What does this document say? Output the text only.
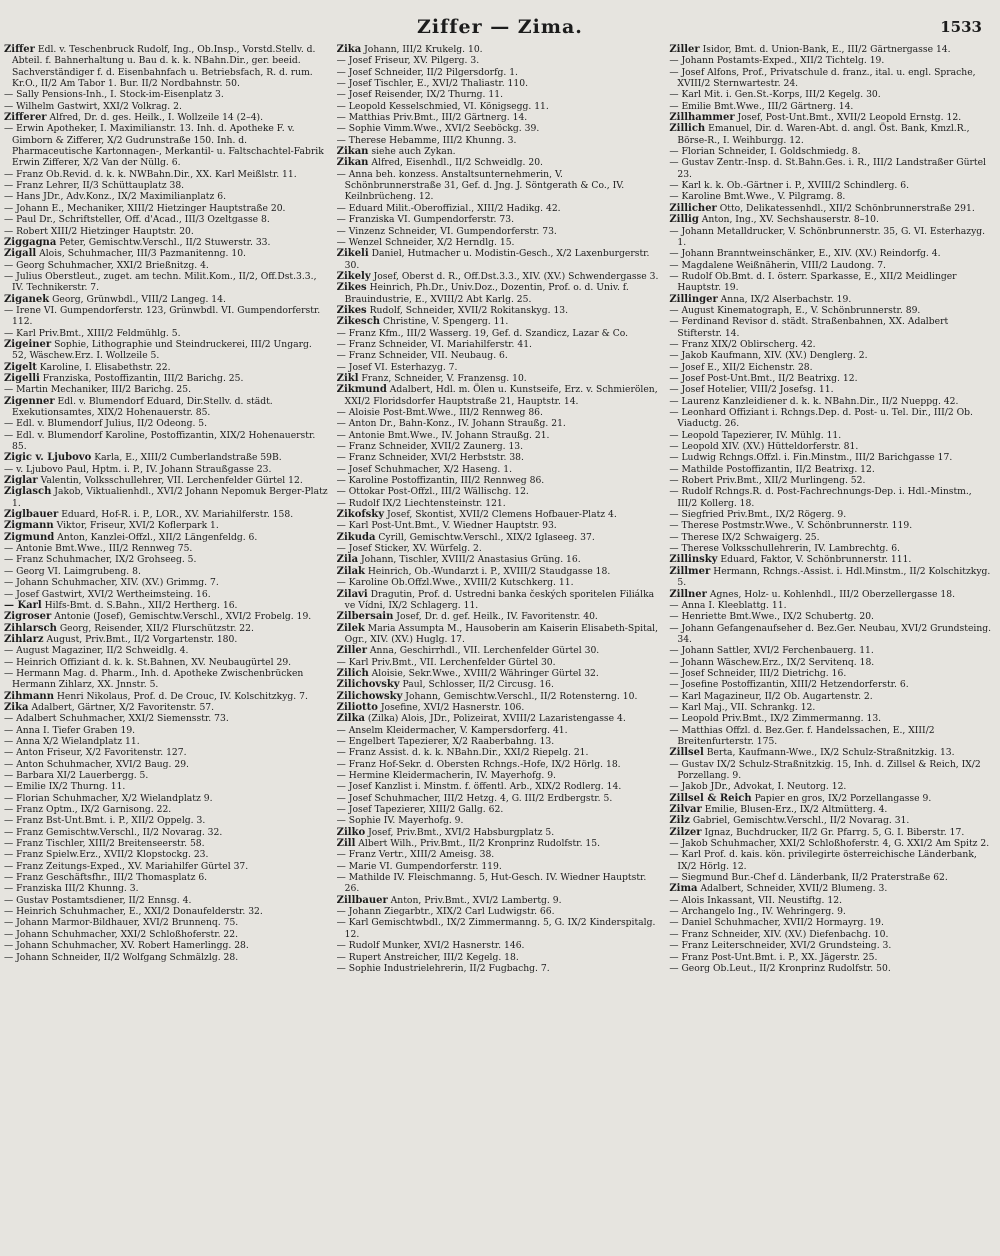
Ziffer — Zima.	1533
Ziffer Edl. v. Teschenbruck Rudolf, Ing., Ob.Insp., Vorstd.Stellv. d. Abteil. f. Bahnerhaltung u. Bau d. k. k. NBahn.Dir., ger. beeid. Sachverständiger f. d. Eisenbahnfach u. Betriebsfach, R. d. rum. Kr.O., II/2 Am Tabor 1. Bur. II/2 Nordbahnstr. 50.
— Sally Pensions-Inh., I. Stock-im-Eisenplatz 3.
— Wilhelm Gastwirt, XXI/2 Volkrag. 2.
Zifferer Alfred, Dr. d. ges. Heilk., I. Wollzeile 14 (2–4).
— Erwin Apotheker, I. Maximilianstr. 13. Inh. d. Apotheke F. v. Gimborn & Zifferer, X/2 Gudrunstraße 150. Inh. d. Pharmaceutische Kartonnagen-, Merkantil- u. Faltschachtel-Fabrik Erwin Zifferer, X/2 Van der Nüllg. 6.
— Franz Ob.Revid. d. k. k. NWBahn.Dir., XX. Karl Meißlstr. 11.
— Franz Lehrer, II/3 Schüttauplatz 38.
— Hans JDr., Adv.Konz., IX/2 Maximilianplatz 6.
— Johann E., Mechaniker, XIII/2 Hietzinger Hauptstraße 20.
— Paul Dr., Schriftsteller, Off. d'Acad., III/3 Ozeltgasse 8.
— Robert XIII/2 Hietzinger Hauptstr. 20.
Ziggagna Peter, Gemischtw.Verschl., II/2 Stuwerstr. 33.
Zigall Alois, Schuhmacher, III/3 Pazmanitenng. 10.
— Georg Schuhmacher, XXI/2 Brießnitzg. 4.
— Julius Oberstleut., zuget. am techn. Milit.Kom., II/2, Off.Dst.3.3., IV. Technikerstr. 7.
Ziganek Georg, Grünwbdl., VIII/2 Langeg. 14.
— Irene VI. Gumpendorferstr. 123, Grünwbdl. VI. Gumpendorferstr. 112.
— Karl Priv.Bmt., XIII/2 Feldmühlg. 5.
Zigeiner Sophie, Lithographie und Steindruckerei, III/2 Ungarg. 52, Wäschew.Erz. I. Wollzeile 5.
Zigelt Karoline, I. Elisabethstr. 22.
Zigelli Franziska, Postoffizantin, III/2 Barichg. 25.
— Martin Mechaniker, III/2 Barichg. 25.
Zigenner Edl. v. Blumendorf Eduard, Dir.Stellv. d. städt. Exekutionsamtes, XIX/2 Hohenauerstr. 85.
— Edl. v. Blumendorf Julius, II/2 Odeong. 5.
— Edl. v. Blumendorf Karoline, Postoffizantin, XIX/2 Hohenauerstr. 85.
Zigic v. Ljubovo Karla, E., XIII/2 Cumberlandstraße 59B.
— v. Ljubovo Paul, Hptm. i. P., IV. Johann Straußgasse 23.
Ziglar Valentin, Volksschullehrer, VII. Lerchenfelder Gürtel 12.
Ziglasch Jakob, Viktualienhdl., XVI/2 Johann Nepomuk Berger-Platz 1.
Ziglbauer Eduard, Hof-R. i. P., LOR., XV. Mariahilferstr. 158.
Zigmann Viktor, Friseur, XVI/2 Koflerpark 1.
Zigmund Anton, Kanzlei-Offzl., XII/2 Längenfeldg. 6.
— Antonie Bmt.Wwe., III/2 Rennweg 75.
— Franz Schuhmacher, IX/2 Grohseeg. 5.
— Georg VI. Laimgrubeng. 8.
— Johann Schuhmacher, XIV. (XV.) Grimmg. 7.
— Josef Gastwirt, XVI/2 Wertheimsteing. 16.
— Karl Hilfs-Bmt. d. S.Bahn., XII/2 Hertherg. 16.
Zigroser Antonie (Josef), Gemischtw.Verschl., XVI/2 Frobelg. 19.
Zihlarsch Georg, Reisender, XII/2 Flurschützstr. 22.
Zihlarz August, Priv.Bmt., II/2 Vorgartenstr. 180.
— August Magaziner, II/2 Schweidlg. 4.
— Heinrich Offiziant d. k. k. St.Bahnen, XV. Neubaugürtel 29.
— Hermann Mag. d. Pharm., Inh. d. Apotheke Zwischenbrücken Hermann Zihlarz, XX. Jnnstr. 5.
Zihmann Henri Nikolaus, Prof. d. De Crouc, IV. Kolschitzkyg. 7.
Zika Adalbert, Gärtner, X/2 Favoritenstr. 57.
— Adalbert Schuhmacher, XXI/2 Siemensstr. 73.
— Anna I. Tiefer Graben 19.
— Anna X/2 Wielandplatz 11.
— Anton Friseur, X/2 Favoritenstr. 127.
— Anton Schuhmacher, XVI/2 Baug. 29.
— Barbara XI/2 Lauerbergg. 5.
— Emilie IX/2 Thurng. 11.
— Florian Schuhmacher, X/2 Wielandplatz 9.
— Franz Optm., IX/2 Garnisong. 22.
— Franz Bst-Unt.Bmt. i. P., XII/2 Oppelg. 3.
— Franz Gemischtw.Verschl., II/2 Novarag. 32.
— Franz Tischler, XIII/2 Breitenseerstr. 58.
— Franz Spielw.Erz., XVII/2 Klopstockg. 23.
— Franz Zeitungs-Exped., XV. Mariahilfer Gürtel 37.
— Franz Geschäftsfhr., III/2 Thomasplatz 6.
— Franziska III/2 Khunng. 3.
— Gustav Postamtsdiener, II/2 Ennsg. 4.
— Heinrich Schuhmacher, E., XXI/2 Donaufelderstr. 32.
— Johann Marmor-Bildhauer, XVI/2 Brunnenq. 75.
— Johann Schuhmacher, XXI/2 Schloßhoferstr. 22.
— Johann Schuhmacher, XV. Robert Hamerlingg. 28.
— Johann Schneider, II/2 Wolfgang Schmälzlg. 28.
Zika Johann, III/2 Krukelg. 10.
— Josef Friseur, XV. Pilgerg. 3.
— Josef Schneider, II/2 Pilgersdorfg. 1.
— Josef Tischler, E., XVI/2 Thaliastr. 110.
— Josef Reisender, IX/2 Thurng. 11.
— Leopold Kesselschmied, VI. Königsegg. 11.
— Matthias Priv.Bmt., III/2 Gärtnerg. 14.
— Sophie Vimm.Wwe., XVI/2 Seeböckg. 39.
— Therese Hebamme, III/2 Khunng. 3.
Zikan siehe auch Zykan.
Zikan Alfred, Eisenhdl., II/2 Schweidlg. 20.
— Anna beh. konzess. Anstaltsunternehmerin, V. Schönbrunnerstraße 31, Gef. d. Jng. J. Söntgerath & Co., IV. Keilnbrücheng. 12.
— Eduard Milit.-Oberoffizial., XIII/2 Hadikg. 42.
— Franziska VI. Gumpendorferstr. 73.
— Vinzenz Schneider, VI. Gumpendorferstr. 73.
— Wenzel Schneider, X/2 Herndlg. 15.
Zikeli Daniel, Hutmacher u. Modistin-Gesch., X/2 Laxenburgerstr. 30.
Zikely Josef, Oberst d. R., Off.Dst.3.3., XIV. (XV.) Schwendergasse 3.
Zikes Heinrich, Ph.Dr., Univ.Doz., Dozentin, Prof. o. d. Univ. f. Brauindustrie, E., XVIII/2 Abt Karlg. 25.
Zikes Rudolf, Schneider, XVII/2 Rokitanskyg. 13.
Zikesch Christine, V. Spengerg. 11.
— Franz Kfm., III/2 Wasserg. 19, Gef. d. Szandicz, Lazar & Co.
— Franz Schneider, VI. Mariahilferstr. 41.
— Franz Schneider, VII. Neubaug. 6.
— Josef VI. Esterhazyg. 7.
Zikl Franz, Schneider, V. Franzensg. 10.
Zikmund Adalbert, Hdl. m. Ölen u. Kunstseife, Erz. v. Schmierölen, XXI/2 Floridsdorfer Hauptstraße 21, Hauptstr. 14.
— Aloisie Post-Bmt.Wwe., III/2 Rennweg 86.
— Anton Dr., Bahn-Konz., IV. Johann Straußg. 21.
— Antonie Bmt.Wwe., IV. Johann Straußg. 21.
— Franz Schneider, XVII/2 Zaunerg. 13.
— Franz Schneider, XVI/2 Herbststr. 38.
— Josef Schuhmacher, X/2 Haseng. 1.
— Karoline Postoffizantin, III/2 Rennweg 86.
— Ottokar Post-Offzl., III/2 Wällischg. 12.
— Rudolf IX/2 Liechtensteinstr. 121.
Zikofsky Josef, Skontist, XVII/2 Clemens Hofbauer-Platz 4.
— Karl Post-Unt.Bmt., V. Wiedner Hauptstr. 93.
Zikuda Cyrill, Gemischtw.Verschl., XIX/2 Iglaseeg. 37.
— Josef Sticker, XV. Würfelg. 2.
Zila Johann, Tischler, XVIII/2 Anastasius Grüng. 16.
Zilak Heinrich, Ob.-Wundarzt i. P., XVIII/2 Staudgasse 18.
— Karoline Ob.Offzl.Wwe., XVIII/2 Kutschkerg. 11.
Zilavi Dragutin, Prof. d. Ustredni banka českých sporitelen Filiálka ve Vídni, IX/2 Schlagerg. 11.
Zilbersain Josef, Dr. d. gef. Heilk., IV. Favoritenstr. 40.
Zilek Maria Assumpta M., Hausoberin am Kaiserin Elisabeth-Spital, Ogr., XIV. (XV.) Huglg. 17.
Ziller Anna, Geschirrhdl., VII. Lerchenfelder Gürtel 30.
— Karl Priv.Bmt., VII. Lerchenfelder Gürtel 30.
Zilich Aloisie, Sekr.Wwe., XVIII/2 Währinger Gürtel 32.
Zilichovsky Paul, Schlosser, II/2 Circusg. 16.
Zilichowsky Johann, Gemischtw.Verschl., II/2 Rotensterng. 10.
Ziliotto Josefine, XVI/2 Hasnerstr. 106.
Zilka (Zilka) Alois, JDr., Polizeirat, XVIII/2 Lazaristengasse 4.
— Anselm Kleidermacher, V. Kampersdorferg. 41.
— Engelbert Tapezierer, X/2 Raaberbahng. 13.
— Franz Assist. d. k. k. NBahn.Dir., XXI/2 Riepelg. 21.
— Franz Hof-Sekr. d. Obersten Rchngs.-Hofe, IX/2 Hörlg. 18.
— Hermine Kleidermacherin, IV. Mayerhofg. 9.
— Josef Kanzlist i. Minstm. f. öffentl. Arb., XIX/2 Rodlerg. 14.
— Josef Schuhmacher, III/2 Hetzg. 4, G. III/2 Erdbergstr. 5.
— Josef Tapezierer, XIII/2 Gallg. 62.
— Sophie IV. Mayerhofg. 9.
Zilko Josef, Priv.Bmt., XVI/2 Habsburgplatz 5.
Zill Albert Wilh., Priv.Bmt., II/2 Kronprinz Rudolfstr. 15.
— Franz Vertr., XIII/2 Ameisg. 38.
— Marie VI. Gumpendorferstr. 119.
— Mathilde IV. Fleischmanng. 5, Hut-Gesch. IV. Wiedner Hauptstr. 26.
Zillbauer Anton, Priv.Bmt., XVI/2 Lambertg. 9.
— Johann Ziegarbtr., XIX/2 Carl Ludwigstr. 66.
— Karl Gemischtwbdl., IX/2 Zimmermanng. 5, G. IX/2 Kinderspitalg. 12.
— Rudolf Munker, XVI/2 Hasnerstr. 146.
— Rupert Anstreicher, III/2 Kegelg. 18.
— Sophie Industrielehrerin, II/2 Fugbachg. 7.
Ziller Isidor, Bmt. d. Union-Bank, E., III/2 Gärtnergasse 14.
— Johann Postamts-Exped., XII/2 Tichtelg. 19.
— Josef Alfons, Prof., Privatschule d. franz., ital. u. engl. Sprache, XVIII/2 Sternwartestr. 24.
— Karl Mit. i. Gen.St.-Korps, III/2 Kegelg. 30.
— Emilie Bmt.Wwe., III/2 Gärtnerg. 14.
Zillhammer Josef, Post-Unt.Bmt., XVII/2 Leopold Ernstg. 12.
Zillich Emanuel, Dir. d. Waren-Abt. d. angl. Öst. Bank, Kmzl.R., Börse-R., I. Weihburgg. 12.
— Florian Schneider, I. Goldschmiedg. 8.
— Gustav Zentr.-Insp. d. St.Bahn.Ges. i. R., III/2 Landstraßer Gürtel 23.
— Karl k. k. Ob.-Gärtner i. P., XVIII/2 Schindlerg. 6.
— Karoline Bmt.Wwe., V. Pilgramg. 8.
Zillicher Otto, Delikatessenhdl., XII/2 Schönbrunnerstraße 291.
Zillig Anton, Ing., XV. Sechshauserstr. 8–10.
— Johann Metalldrucker, V. Schönbrunnerstr. 35, G. VI. Esterhazyg. 1.
— Johann Branntweinschänker, E., XIV. (XV.) Reindorfg. 4.
— Magdalene Weißnäherin, VIII/2 Laudong. 7.
— Rudolf Ob.Bmt. d. I. österr. Sparkasse, E., XII/2 Meidlinger Hauptstr. 19.
Zillinger Anna, IX/2 Alserbachstr. 19.
— August Kinematograph, E., V. Schönbrunnerstr. 89.
— Ferdinand Revisor d. städt. Straßenbahnen, XX. Adalbert Stifterstr. 14.
— Franz XIX/2 Oblirscherg. 42.
— Jakob Kaufmann, XIV. (XV.) Denglerg. 2.
— Josef E., XII/2 Eichenstr. 28.
— Josef Post-Unt.Bmt., II/2 Beatrixg. 12.
— Josef Hotelier, VIII/2 Josefsg. 11.
— Laurenz Kanzleidiener d. k. k. NBahn.Dir., II/2 Nueppg. 42.
— Leonhard Offiziant i. Rchngs.Dep. d. Post- u. Tel. Dir., III/2 Ob. Viaductg. 26.
— Leopold Tapezierer, IV. Mühlg. 11.
— Leopold XIV. (XV.) Hütteldorferstr. 81.
— Ludwig Rchngs.Offzl. i. Fin.Minstm., III/2 Barichgasse 17.
— Mathilde Postoffizantin, II/2 Beatrixg. 12.
— Robert Priv.Bmt., XII/2 Murlingeng. 52.
— Rudolf Rchngs.R. d. Post-Fachrechnungs-Dep. i. Hdl.-Minstm., III/2 Kollerg. 18.
— Siegfried Priv.Bmt., IX/2 Rögerg. 9.
— Therese Postmstr.Wwe., V. Schönbrunnerstr. 119.
— Therese IX/2 Schwaigerg. 25.
— Therese Volksschullehrerin, IV. Lambrechtg. 6.
Zillinsky Eduard, Faktor, V. Schönbrunnerstr. 111.
Zillmer Hermann, Rchngs.-Assist. i. Hdl.Minstm., II/2 Kolschitzkyg. 5.
Zillner Agnes, Holz- u. Kohlenhdl., III/2 Oberzellergasse 18.
— Anna I. Kleeblattg. 11.
— Henriette Bmt.Wwe., IX/2 Schubertg. 20.
— Johann Gefangenaufseher d. Bez.Ger. Neubau, XVI/2 Grundsteing. 34.
— Johann Sattler, XVI/2 Ferchenbauerg. 11.
— Johann Wäschew.Erz., IX/2 Servitenq. 18.
— Josef Schneider, III/2 Dietrichg. 16.
— Josefine Postoffizantin, XIII/2 Hetzendorferstr. 6.
— Karl Magazineur, II/2 Ob. Augartenstr. 2.
— Karl Maj., VII. Schrankg. 12.
— Leopold Priv.Bmt., IX/2 Zimmermanng. 13.
— Matthias Offzl. d. Bez.Ger. f. Handelssachen, E., XIII/2 Breitenfurterstr. 175.
Zillsel Berta, Kaufmann-Wwe., IX/2 Schulz-Straßnitzkig. 13.
— Gustav IX/2 Schulz-Straßnitzkig. 15, Inh. d. Zillsel & Reich, IX/2 Porzellang. 9.
— Jakob JDr., Advokat, I. Neutorg. 12.
Zillsel & Reich Papier en gros, IX/2 Porzellangasse 9.
Zilvar Emilie, Blusen-Erz., IX/2 Altmütterg. 4.
Zilz Gabriel, Gemischtw.Verschl., II/2 Novarag. 31.
Zilzer Ignaz, Buchdrucker, II/2 Gr. Pfarrg. 5, G. I. Biberstr. 17.
— Jakob Schuhmacher, XXI/2 Schloßhoferstr. 4, G. XXI/2 Am Spitz 2.
— Karl Prof. d. kais. kön. privilegirte österreichische Länderbank, IX/2 Hörlg. 12.
— Siegmund Bur.-Chef d. Länderbank, II/2 Praterstraße 62.
Zima Adalbert, Schneider, XVII/2 Blumeng. 3.
— Alois Inkassant, VII. Neustiftg. 12.
— Archangelo Ing., IV. Wehringerg. 9.
— Daniel Schuhmacher, XVII/2 Hormayrg. 19.
— Franz Schneider, XIV. (XV.) Diefenbachg. 10.
— Franz Leiterschneider, XVI/2 Grundsteing. 3.
— Franz Post-Unt.Bmt. i. P., XX. Jägerstr. 25.
— Georg Ob.Leut., II/2 Kronprinz Rudolfstr. 50.
